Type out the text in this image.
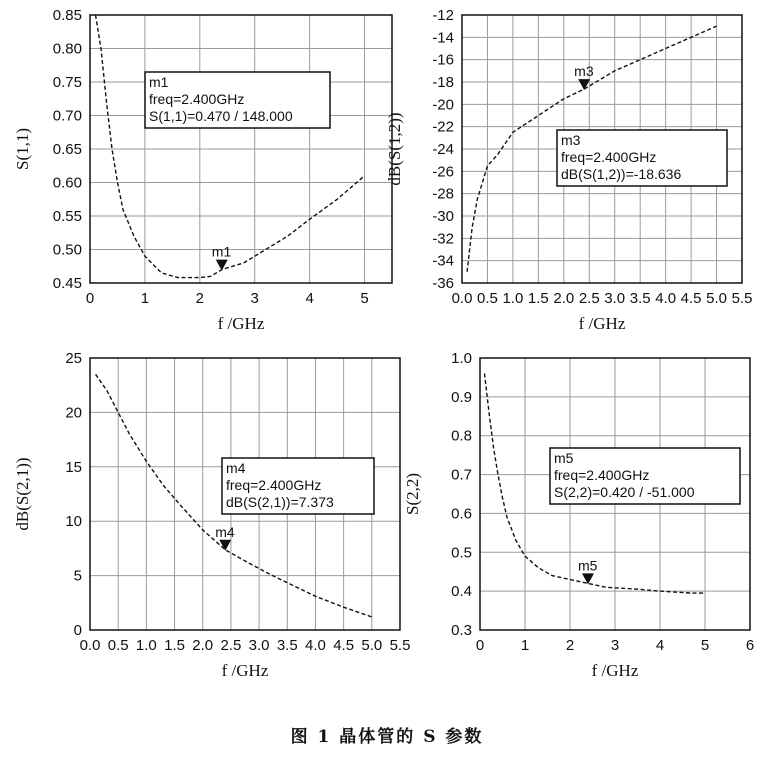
0	1	2	3	4	5
0.45
0.50
0.55
0.60
0.65
0.70
0.75
0.80
0.85
f /GHz
S(1,1)
m1
m1
freq=2.400GHz
S(1,1)=0.470 / 148.000
0.0 0.5 1.0 1.5 2.0 2.5 3.0 3.5 4.0 4.5 5.0 5.5
-36
-34
-32
-30
-28
-26
-24
-22
-20
-18
-16
-14
-12
f /GHz
dB(S(1,2))
m3
m3
freq=2.400GHz
dB(S(1,2))=-18.636
0.0 0.5 1.0 1.5 2.0 2.5 3.0 3.5 4.0 4.5 5.0 5.5
0
5
10
15
20
25
f /GHz
dB(S(2,1))
m4
m4
freq=2.400GHz
dB(S(2,1))=7.373
0 1 2 3 4 5 6
0.3
0.4
0.5
0.6
0.7
0.8
0.9
1.0
f /GHz
S(2,2)
m5
m5
freq=2.400GHz
S(2,2)=0.420 / -51.000
图 1 晶体管的 S 参数
